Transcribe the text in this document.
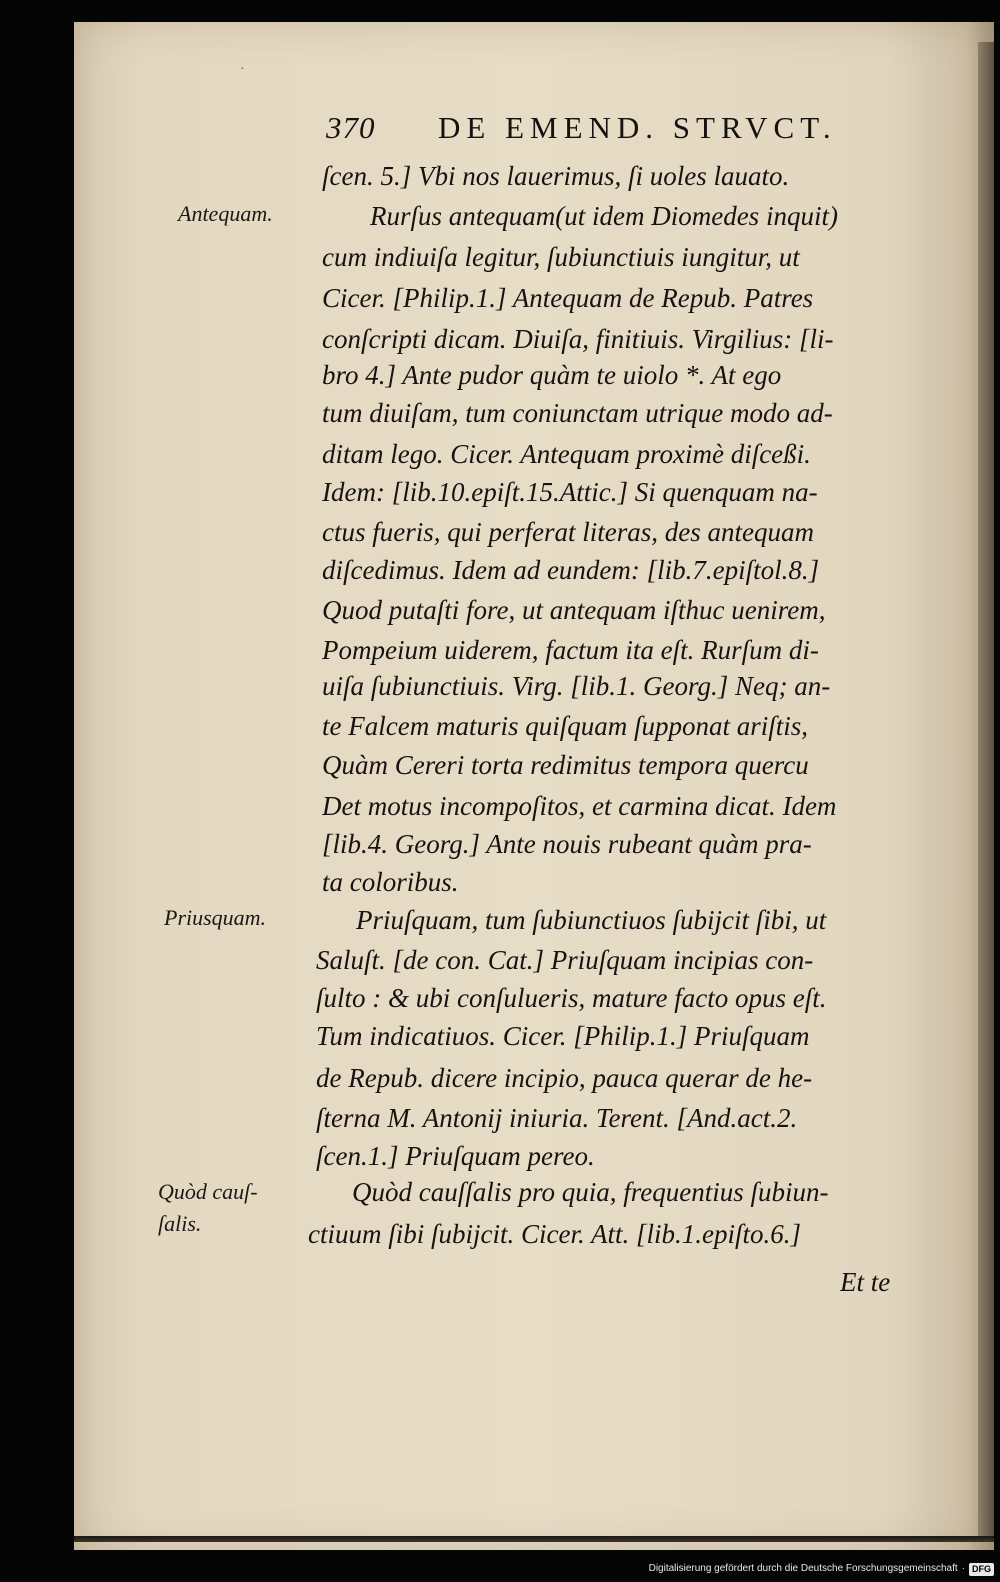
·
370 DE EMEND. STRVCT.
Antequam.
Priusquam.
Quòd cauſ-
ſalis.
ſcen. 5.] Vbi nos lauerimus, ſi uoles lauato.
Rurſus antequam(ut idem Diomedes inquit)
cum indiuiſa legitur, ſubiunctiuis iungitur, ut
Cicer. [Philip.1.] Antequam de Repub. Patres
conſcripti dicam. Diuiſa, finitiuis. Virgilius: [li-
bro 4.] Ante pudor quàm te uiolo *. At ego
tum diuiſam, tum coniunctam utrique modo ad-
ditam lego. Cicer. Antequam proximè diſceßi.
Idem: [lib.10.epiſt.15.Attic.] Si quenquam na-
ctus fueris, qui perferat literas, des antequam
diſcedimus. Idem ad eundem: [lib.7.epiſtol.8.]
Quod putaſti fore, ut antequam iſthuc uenirem,
Pompeium uiderem, factum ita eſt. Rurſum di-
uiſa ſubiunctiuis. Virg. [lib.1. Georg.] Neq; an-
te Falcem maturis quiſquam ſupponat ariſtis,
Quàm Cereri torta redimitus tempora quercu
Det motus incompoſitos, et carmina dicat. Idem
[lib.4. Georg.] Ante nouis rubeant quàm pra-
ta coloribus.
Priuſquam, tum ſubiunctiuos ſubijcit ſibi, ut
Saluſt. [de con. Cat.] Priuſquam incipias con-
ſulto : & ubi conſulueris, mature facto opus eſt.
Tum indicatiuos. Cicer. [Philip.1.] Priuſquam
de Repub. dicere incipio, pauca querar de he-
ſterna M. Antonij iniuria. Terent. [And.act.2.
ſcen.1.] Priuſquam pereo.
Quòd cauſſalis pro quia, frequentius ſubiun-
ctiuum ſibi ſubijcit. Cicer. Att. [lib.1.epiſto.6.]
Et te
Digitalisierung gefördert durch die Deutsche Forschungsgemeinschaft · DFG
